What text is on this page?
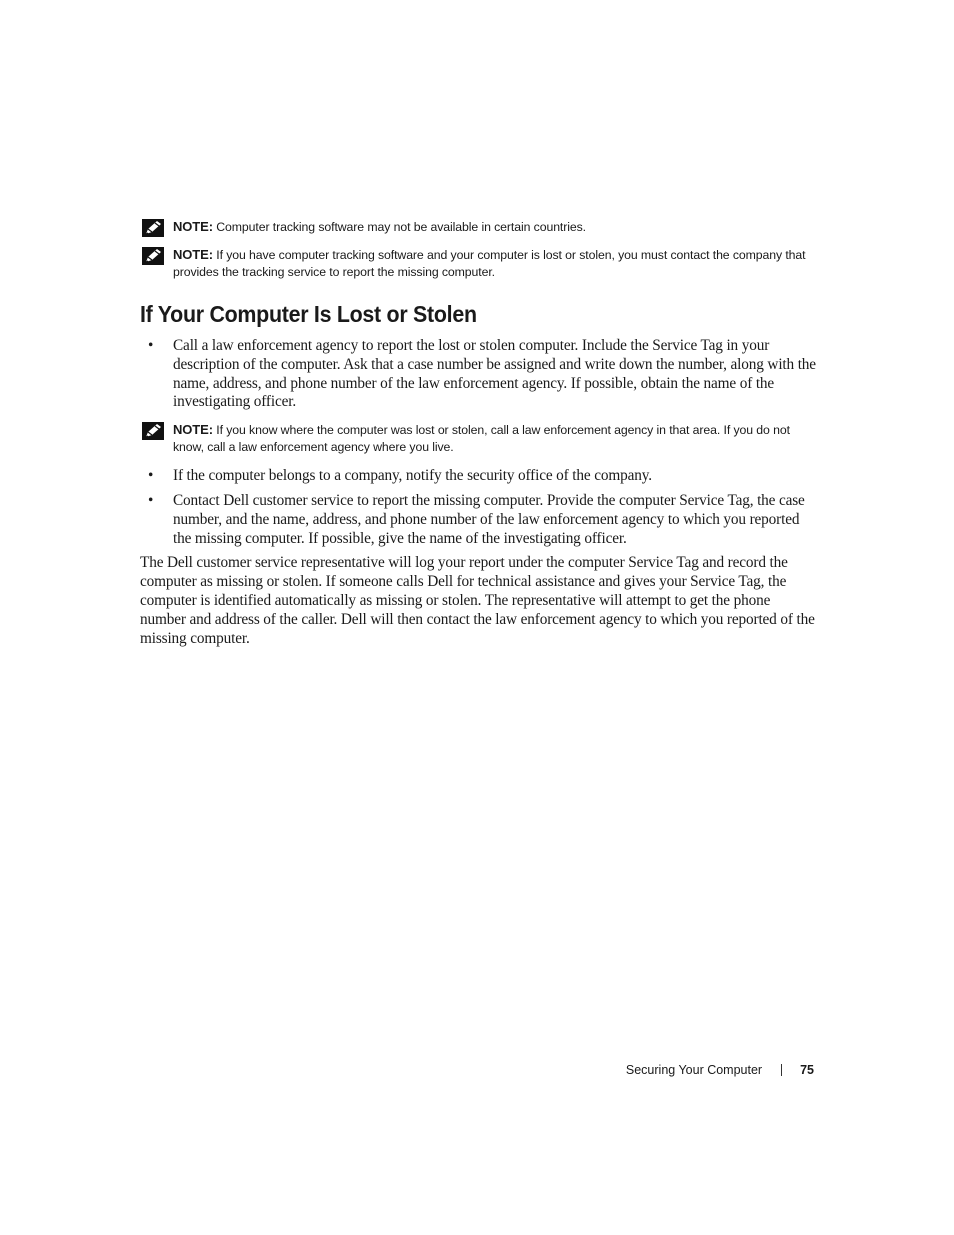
NOTE: Computer tracking software may not be available in certain countries.
NOTE: If you have computer tracking software and your computer is lost or stolen, you must contact the company that provides the tracking service to report the missing computer.
If Your Computer Is Lost or Stolen
• Call a law enforcement agency to report the lost or stolen computer. Include the Service Tag in your description of the computer. Ask that a case number be assigned and write down the number, along with the name, address, and phone number of the law enforcement agency. If possible, obtain the name of the investigating officer.
NOTE: If you know where the computer was lost or stolen, call a law enforcement agency in that area. If you do not know, call a law enforcement agency where you live.
• If the computer belongs to a company, notify the security office of the company.
• Contact Dell customer service to report the missing computer. Provide the computer Service Tag, the case number, and the name, address, and phone number of the law enforcement agency to which you reported the missing computer. If possible, give the name of the investigating officer.

The Dell customer service representative will log your report under the computer Service Tag and record the computer as missing or stolen. If someone calls Dell for technical assistance and gives your Service Tag, the computer is identified automatically as missing or stolen. The representative will attempt to get the phone number and address of the caller. Dell will then contact the law enforcement agency to which you reported of the missing computer.

Securing Your Computer	75
